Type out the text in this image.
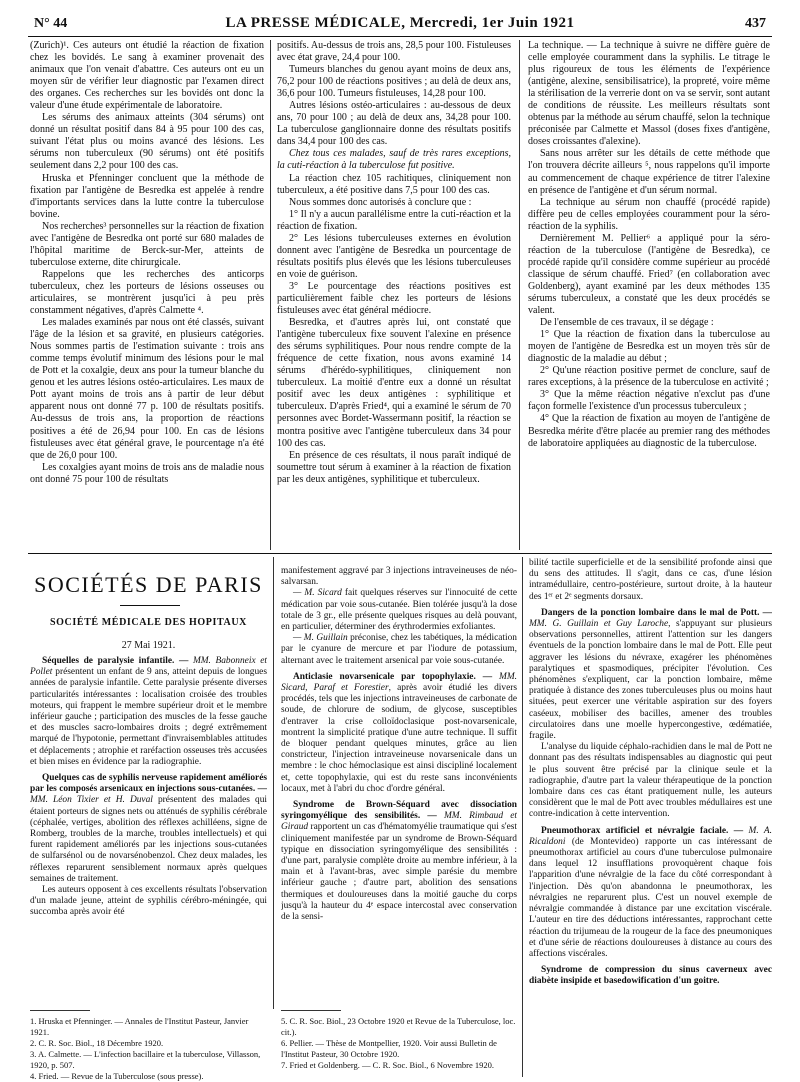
N° 44	LA PRESSE MÉDICALE, Mercredi, 1er Juin 1921	437

(Zurich)¹. Ces auteurs ont étudié la réaction de fixation chez les bovidés. Le sang à examiner provenait des animaux que l'on venait d'abattre. Ces auteurs ont eu un moyen sûr de vérifier leur diagnostic par l'examen direct des organes. Ces recherches sur les bovidés ont donc la valeur d'une étude expérimentale de laboratoire.

Les sérums des animaux atteints (304 sérums) ont donné un résultat positif dans 84 à 95 pour 100 des cas, suivant l'état plus ou moins avancé des lésions. Les sérums non tuberculeux (90 sérums) ont été positifs seulement dans 2,2 pour 100 des cas.

Hruska et Pfenninger concluent que la méthode de fixation par l'antigène de Besredka est appelée à rendre d'importants services dans la lutte contre la tuberculose bovine.

Nos recherches³ personnelles sur la réaction de fixation avec l'antigène de Besredka ont porté sur 680 malades de l'hôpital maritime de Berck-sur-Mer, atteints de tuberculose externe, dite chirurgicale.

Rappelons que les recherches des anticorps tuberculeux, chez les porteurs de lésions osseuses ou articulaires, se montrèrent jusqu'ici à peu près constamment négatives, d'après Calmette ⁴.

Les malades examinés par nous ont été classés, suivant l'âge de la lésion et sa gravité, en plusieurs catégories. Nous sommes partis de l'estimation suivante : trois ans comme temps évolutif minimum des lésions pour le mal de Pott et la coxalgie, deux ans pour la tumeur blanche du genou et les autres lésions ostéo-articulaires. Les maux de Pott ayant moins de trois ans à partir de leur début apparent nous ont donné 77 p. 100 de résultats positifs. Au-dessus de trois ans, la proportion de réactions positives a été de 26,94 pour 100. En cas de lésions fistuleuses avec état général grave, le pourcentage n'a été que de 26,0 pour 100.

Les coxalgies ayant moins de trois ans de maladie nous ont donné 75 pour 100 de résultats

positifs. Au-dessus de trois ans, 28,5 pour 100. Fistuleuses avec état grave, 24,4 pour 100.

Tumeurs blanches du genou ayant moins de deux ans, 76,2 pour 100 de réactions positives ; au delà de deux ans, 36,6 pour 100. Tumeurs fistuleuses, 14,28 pour 100.

Autres lésions ostéo-articulaires : au-dessous de deux ans, 70 pour 100 ; au delà de deux ans, 34,28 pour 100. La tuberculose ganglionnaire donne des résultats positifs dans 34,4 pour 100 des cas.

Chez tous ces malades, sauf de très rares exceptions, la cuti-réaction à la tuberculose fut positive.

La réaction chez 105 rachitiques, cliniquement non tuberculeux, a été positive dans 7,5 pour 100 des cas.

Nous sommes donc autorisés à conclure que :

1° Il n'y a aucun parallélisme entre la cuti-réaction et la réaction de fixation.

2° Les lésions tuberculeuses externes en évolution donnent avec l'antigène de Besredka un pourcentage de résultats positifs plus élevés que les lésions tuberculeuses en voie de guérison.

3° Le pourcentage des réactions positives est particulièrement faible chez les porteurs de lésions fistuleuses avec état général médiocre.

Besredka, et d'autres après lui, ont constaté que l'antigène tuberculeux fixe souvent l'alexine en présence des sérums syphilitiques. Pour nous rendre compte de la fréquence de cette fixation, nous avons examiné 14 sérums d'hérédo-syphilitiques, cliniquement non tuberculeux. La moitié d'entre eux a donné un résultat positif avec les deux antigènes : syphilitique et tuberculeux. D'après Fried⁴, qui a examiné le sérum de 70 personnes avec Bordet-Wassermann positif, la réaction se montra positive avec l'antigène tuberculeux dans 34 pour 100 des cas.

En présence de ces résultats, il nous paraît indiqué de soumettre tout sérum à examiner à la réaction de fixation par les deux antigènes, syphilitique et tuberculeux.

La technique. — La technique à suivre ne diffère guère de celle employée couramment dans la syphilis. Le titrage le plus rigoureux de tous les éléments de l'expérience (antigène, alexine, sensibilisatrice), la propreté, voire même la stérilisation de la verrerie dont on va se servir, sont autant de conditions de réussite. Les meilleurs résultats sont obtenus par la méthode au sérum chauffé, selon la technique préconisée par Calmette et Massol (doses fixes d'antigène, doses croissantes d'alexine).

Sans nous arrêter sur les détails de cette méthode que l'on trouvera décrite ailleurs ⁵, nous rappelons qu'il importe au commencement de chaque expérience de titrer l'alexine en présence de l'antigène et d'un sérum normal.

La technique au sérum non chauffé (procédé rapide) diffère peu de celles employées couramment pour la séro-réaction de la syphilis.

Dernièrement M. Pellier⁶ a appliqué pour la séro-réaction de la tuberculose (l'antigène de Besredka), ce procédé rapide qu'il considère comme supérieur au procédé classique de sérum chauffé. Fried⁷ (en collaboration avec Goldenberg), ayant examiné par les deux méthodes 135 sérums tuberculeux, a constaté que les deux procédés se valent.

De l'ensemble de ces travaux, il se dégage :

1° Que la réaction de fixation dans la tuberculose au moyen de l'antigène de Besredka est un moyen très sûr de diagnostic de la maladie au début ;

2° Qu'une réaction positive permet de conclure, sauf de rares exceptions, à la présence de la tuberculose en activité ;

3° Que la même réaction négative n'exclut pas d'une façon formelle l'existence d'un processus tuberculeux ;

4° Que la réaction de fixation au moyen de l'antigène de Besredka mérite d'être placée au premier rang des méthodes de laboratoire appliquées au diagnostic de la tuberculose.

SOCIÉTÉS DE PARIS
SOCIÉTÉ MÉDICALE DES HOPITAUX
27 Mai 1921.

Séquelles de paralysie infantile. — MM. Babonneix et Pollet présentent un enfant de 9 ans, atteint depuis de longues années de paralysie infantile. Cette paralysie présente diverses particularités intéressantes : localisation croisée des troubles moteurs, qui frappent le membre supérieur droit et le membre inférieur gauche ; participation des muscles de la fesse gauche et des muscles sacro-lombaires droits ; degré extrêmement marqué de l'hypotonie, permettant d'invraisemblables attitudes et déplacements ; atrophie et raréfaction osseuses très accusées et bien mises en évidence par la radiographie.

Quelques cas de syphilis nerveuse rapidement améliorés par les composés arsenicaux en injections sous-cutanées. — MM. Léon Tixier et H. Duval présentent des malades qui étaient porteurs de signes nets ou atténués de syphilis cérébrale (céphalée, vertiges, abolition des réflexes achilléens, signe de Romberg, troubles de la marche, troubles intellectuels) et qui furent rapidement améliorés par les injections sous-cutanées de sulfarsénol ou de novarsénobenzol. Chez deux malades, les réflexes reparurent sensiblement normaux après quelques semaines de traitement.

Les auteurs opposent à ces excellents résultats l'observation d'un malade jeune, atteint de syphilis cérébro-méningée, qui succomba après avoir été

manifestement aggravé par 3 injections intraveineuses de néo-salvarsan.

— M. Sicard fait quelques réserves sur l'innocuité de cette médication par voie sous-cutanée. Bien tolérée jusqu'à la dose totale de 3 gr., elle présente quelques risques au delà pouvant, en particulier, déterminer des érythrodermies exfoliantes.

— M. Guillain préconise, chez les tabétiques, la médication par le cyanure de mercure et par l'iodure de potassium, alternant avec le traitement arsenical par voie sous-cutanée.

Anticlasie novarsenicale par topophylaxie. — MM. Sicard, Paraf et Forestier, après avoir étudié les divers procédés, tels que les injections intraveineuses de carbonate de soude, de chlorure de sodium, de glycose, susceptibles d'entraver la crise colloïdoclasique post-novarsenicale, montrent la simplicité pratique d'une autre technique. Il suffit de bloquer pendant quelques minutes, grâce au lien constricteur, l'injection intraveineuse novarsenicale dans un membre : le choc hémoclasique est ainsi discipliné localement et, cette topophylaxie, qui est du reste sans inconvénients locaux, met à l'abri du choc d'ordre général.

Syndrome de Brown-Séquard avec dissociation syringomyélique des sensibilités. — MM. Rimbaud et Giraud rapportent un cas d'hématomyélie traumatique qui s'est cliniquement manifestée par un syndrome de Brown-Séquard typique en dissociation syringomyélique des sensibilités : d'une part, paralysie complète droite au membre inférieur, à la main et à l'avant-bras, avec simple parésie du membre inférieur gauche ; d'autre part, abolition des sensations thermiques et douloureuses dans la moitié gauche du corps jusqu'à la hauteur du 4ᵉ espace intercostal avec conservation de la sensi-

bilité tactile superficielle et de la sensibilité profonde ainsi que du sens des attitudes. Il s'agit, dans ce cas, d'une lésion intramédullaire, centro-postérieure, surtout droite, à la hauteur des 1ᵉʳ et 2ᵉ segments dorsaux.

Dangers de la ponction lombaire dans le mal de Pott. — MM. G. Guillain et Guy Laroche, s'appuyant sur plusieurs observations personnelles, attirent l'attention sur les dangers éventuels de la ponction lombaire dans le mal de Pott. Elle peut aggraver les lésions du névraxe, exagérer les phénomènes paralytiques et spasmodiques, précipiter l'évolution. Ces phénomènes s'expliquent, car la ponction lombaire, même pratiquée à distance des zones tuberculeuses plus ou moins haut situées, peut exercer une véritable aspiration sur des foyers caséeux, mobiliser des bacilles, amener des troubles circulatoires dans une moelle hypercongestive, œdématiée, fragile.

L'analyse du liquide céphalo-rachidien dans le mal de Pott ne donnant pas des résultats indispensables au diagnostic qui peut le plus souvent être précisé par la clinique seule et la radiographie, d'autre part la valeur thérapeutique de la ponction lombaire dans ces cas étant pratiquement nulle, les auteurs considèrent que le mal de Pott avec troubles médullaires est une contre-indication à cette intervention.

Pneumothorax artificiel et névralgie faciale. — M. A. Ricaldoni (de Montevideo) rapporte un cas intéressant de pneumothorax artificiel au cours d'une tuberculose pulmonaire dans lequel 12 insufflations provoquèrent chaque fois l'apparition d'une névralgie de la face du côté correspondant à l'injection. Dès qu'on abandonna le pneumothorax, les névralgies ne reparurent plus. C'est un nouvel exemple de névralgie commandée à distance par une excitation viscérale. L'auteur en tire des déductions intéressantes, rapprochant cette réaction du trijumeau de la rougeur de la face des pneumoniques et d'une série de réactions douloureuses à distance au cours des affections viscérales.

Syndrome de compression du sinus caverneux avec diabète insipide et basedowification d'un goitre.

1. Hruska et Pfenninger. — Annales de l'Institut Pasteur, Janvier 1921.
2. C. R. Soc. Biol., 18 Décembre 1920.
3. A. Calmette. — L'infection bacillaire et la tuberculose, Villasson, 1920, p. 507.
4. Fried. — Revue de la Tuberculose (sous presse).
5. C. R. Soc. Biol., 23 Octobre 1920 et Revue de la Tuberculose, loc. cit.).
6. Pellier. — Thèse de Montpellier, 1920. Voir aussi Bulletin de l'Institut Pasteur, 30 Octobre 1920.
7. Fried et Goldenberg. — C. R. Soc. Biol., 6 Novembre 1920.
